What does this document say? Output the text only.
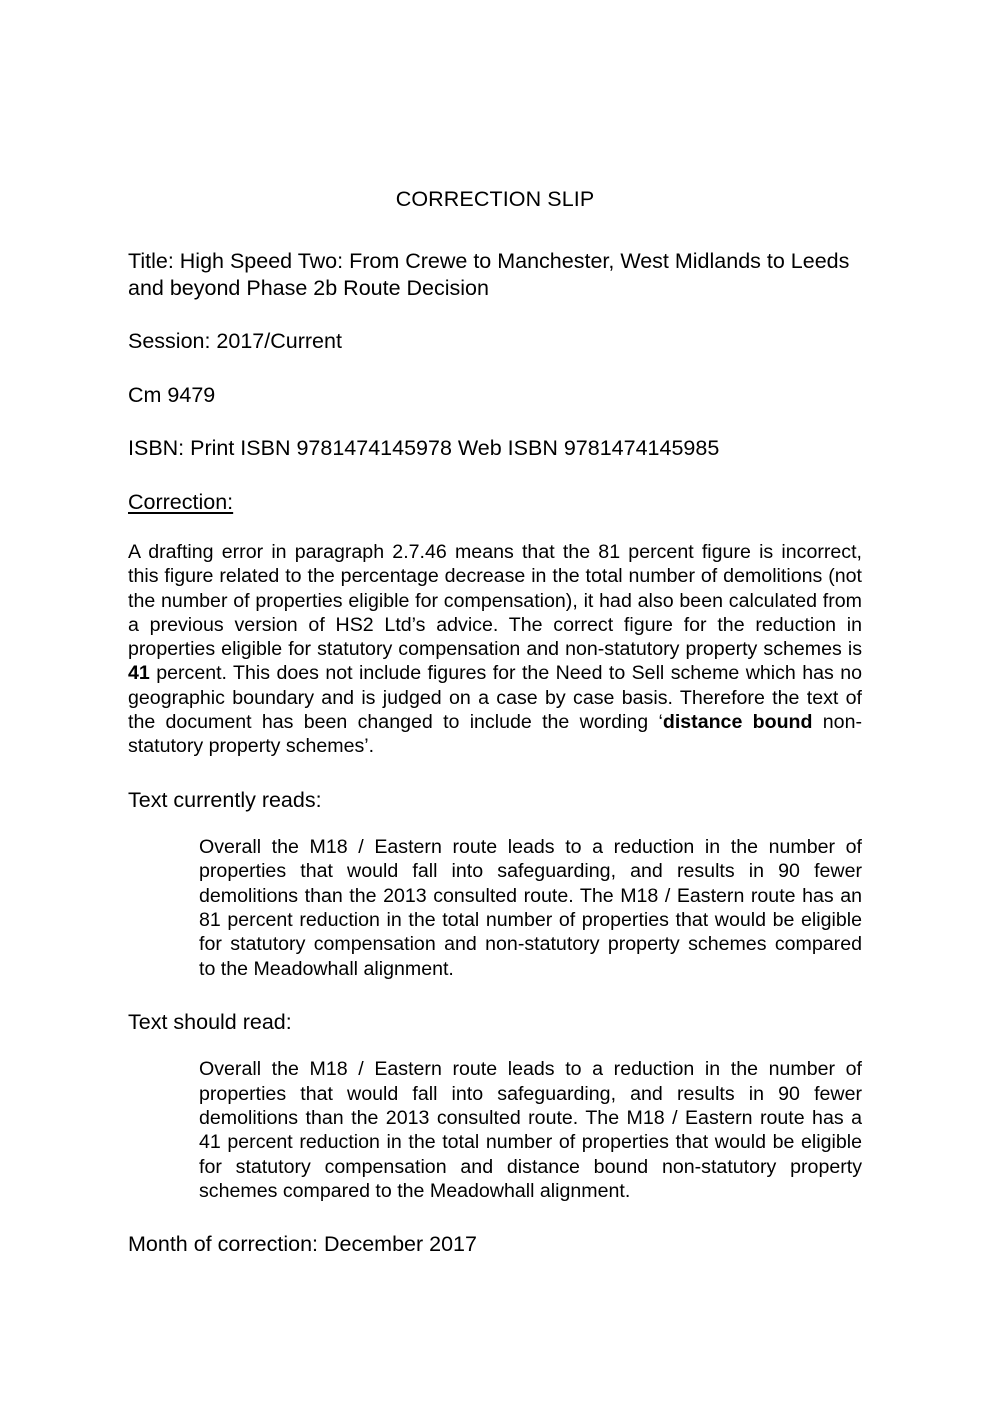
CORRECTION SLIP
Title: High Speed Two: From Crewe to Manchester, West Midlands to Leeds and beyond Phase 2b Route Decision
Session: 2017/Current
Cm 9479
ISBN: Print ISBN 9781474145978 Web ISBN 9781474145985
Correction:

A drafting error in paragraph 2.7.46 means that the 81 percent figure is incorrect, this figure related to the percentage decrease in the total number of demolitions (not the number of properties eligible for compensation), it had also been calculated from a previous version of HS2 Ltd’s advice. The correct figure for the reduction in properties eligible for statutory compensation and non-statutory property schemes is 41 percent. This does not include figures for the Need to Sell scheme which has no geographic boundary and is judged on a case by case basis. Therefore the text of the document has been changed to include the wording ‘distance bound non-statutory property schemes’.

Text currently reads:
Overall the M18 / Eastern route leads to a reduction in the number of properties that would fall into safeguarding, and results in 90 fewer demolitions than the 2013 consulted route. The M18 / Eastern route has an 81 percent reduction in the total number of properties that would be eligible for statutory compensation and non-statutory property schemes compared to the Meadowhall alignment.
Text should read:
Overall the M18 / Eastern route leads to a reduction in the number of properties that would fall into safeguarding, and results in 90 fewer demolitions than the 2013 consulted route. The M18 / Eastern route has a 41 percent reduction in the total number of properties that would be eligible for statutory compensation and distance bound non-statutory property schemes compared to the Meadowhall alignment.
Month of correction: December 2017
